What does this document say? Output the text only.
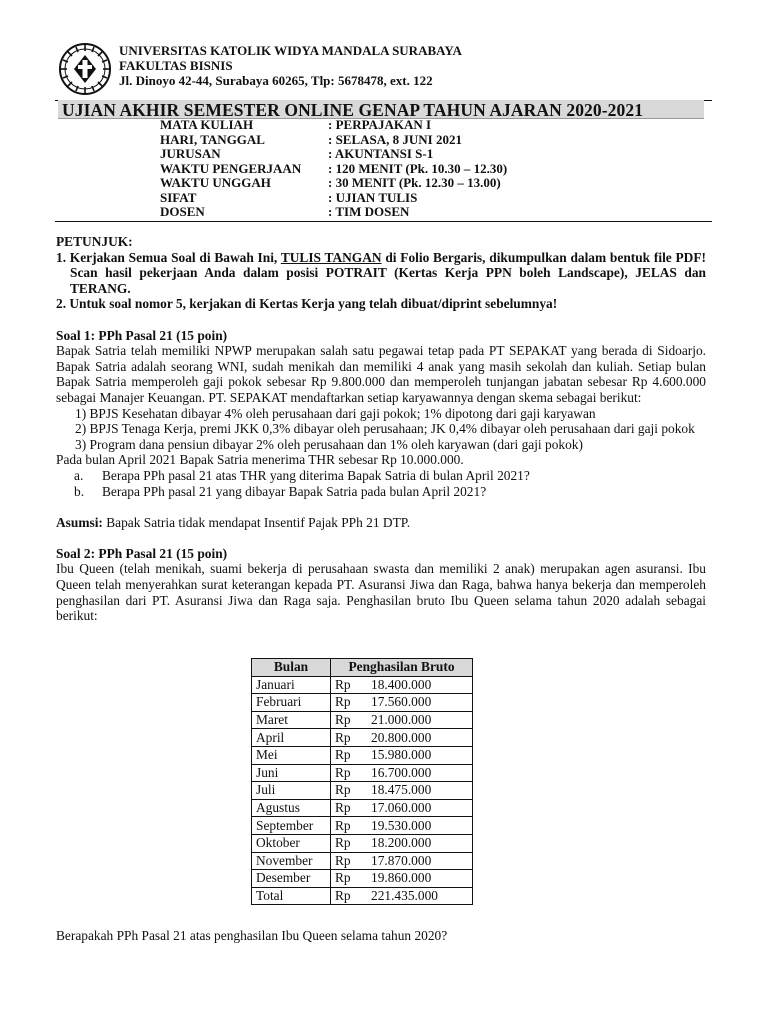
UNIVERSITAS KATOLIK WIDYA MANDALA SURABAYA
FAKULTAS BISNIS
Jl. Dinoyo 42-44, Surabaya 60265, Tlp: 5678478, ext. 122
UJIAN AKHIR SEMESTER ONLINE GENAP TAHUN AJARAN 2020-2021
MATA KULIAH	: PERPAJAKAN I
HARI, TANGGAL	: SELASA, 8 JUNI 2021
JURUSAN	: AKUNTANSI S-1
WAKTU PENGERJAAN	: 120 MENIT (Pk. 10.30 – 12.30)
WAKTU UNGGAH	: 30 MENIT (Pk. 12.30 – 13.00)
SIFAT	: UJIAN TULIS
DOSEN	: TIM DOSEN
PETUNJUK:
1. Kerjakan Semua Soal di Bawah Ini, TULIS TANGAN di Folio Bergaris, dikumpulkan dalam bentuk file PDF! Scan hasil pekerjaan Anda dalam posisi POTRAIT (Kertas Kerja PPN boleh Landscape), JELAS dan TERANG.
2. Untuk soal nomor 5, kerjakan di Kertas Kerja yang telah dibuat/diprint sebelumnya!
Soal 1: PPh Pasal 21 (15 poin)
Bapak Satria telah memiliki NPWP merupakan salah satu pegawai tetap pada PT SEPAKAT yang berada di Sidoarjo. Bapak Satria adalah seorang WNI, sudah menikah dan memiliki 4 anak yang masih sekolah dan kuliah. Setiap bulan Bapak Satria memperoleh gaji pokok sebesar Rp 9.800.000 dan memperoleh tunjangan jabatan sebesar Rp 4.600.000 sebagai Manajer Keuangan. PT. SEPAKAT mendaftarkan setiap karyawannya dengan skema sebagai berikut:
1) BPJS Kesehatan dibayar 4% oleh perusahaan dari gaji pokok; 1% dipotong dari gaji karyawan
2) BPJS Tenaga Kerja, premi JKK 0,3% dibayar oleh perusahaan; JK 0,4% dibayar oleh perusahaan dari gaji pokok
3) Program dana pensiun dibayar 2% oleh perusahaan dan 1% oleh karyawan (dari gaji pokok)
Pada bulan April 2021 Bapak Satria menerima THR sebesar Rp 10.000.000.
a.	Berapa PPh pasal 21 atas THR yang diterima Bapak Satria di bulan April 2021?
b.	Berapa PPh pasal 21 yang dibayar Bapak Satria pada bulan April 2021?
Asumsi: Bapak Satria tidak mendapat Insentif Pajak PPh 21 DTP.
Soal 2: PPh Pasal 21 (15 poin)
Ibu Queen (telah menikah, suami bekerja di perusahaan swasta dan memiliki 2 anak) merupakan agen asuransi. Ibu Queen telah menyerahkan surat keterangan kepada PT. Asuransi Jiwa dan Raga, bahwa hanya bekerja dan memperoleh penghasilan dari PT. Asuransi Jiwa dan Raga saja. Penghasilan bruto Ibu Queen selama tahun 2020 adalah sebagai berikut:
Bulan	Penghasilan Bruto
Januari	Rp 18.400.000
Februari	Rp 17.560.000
Maret	Rp 21.000.000
April	Rp 20.800.000
Mei	Rp 15.980.000
Juni	Rp 16.700.000
Juli	Rp 18.475.000
Agustus	Rp 17.060.000
September	Rp 19.530.000
Oktober	Rp 18.200.000
November	Rp 17.870.000
Desember	Rp 19.860.000
Total	Rp 221.435.000
Berapakah PPh Pasal 21 atas penghasilan Ibu Queen selama tahun 2020?
